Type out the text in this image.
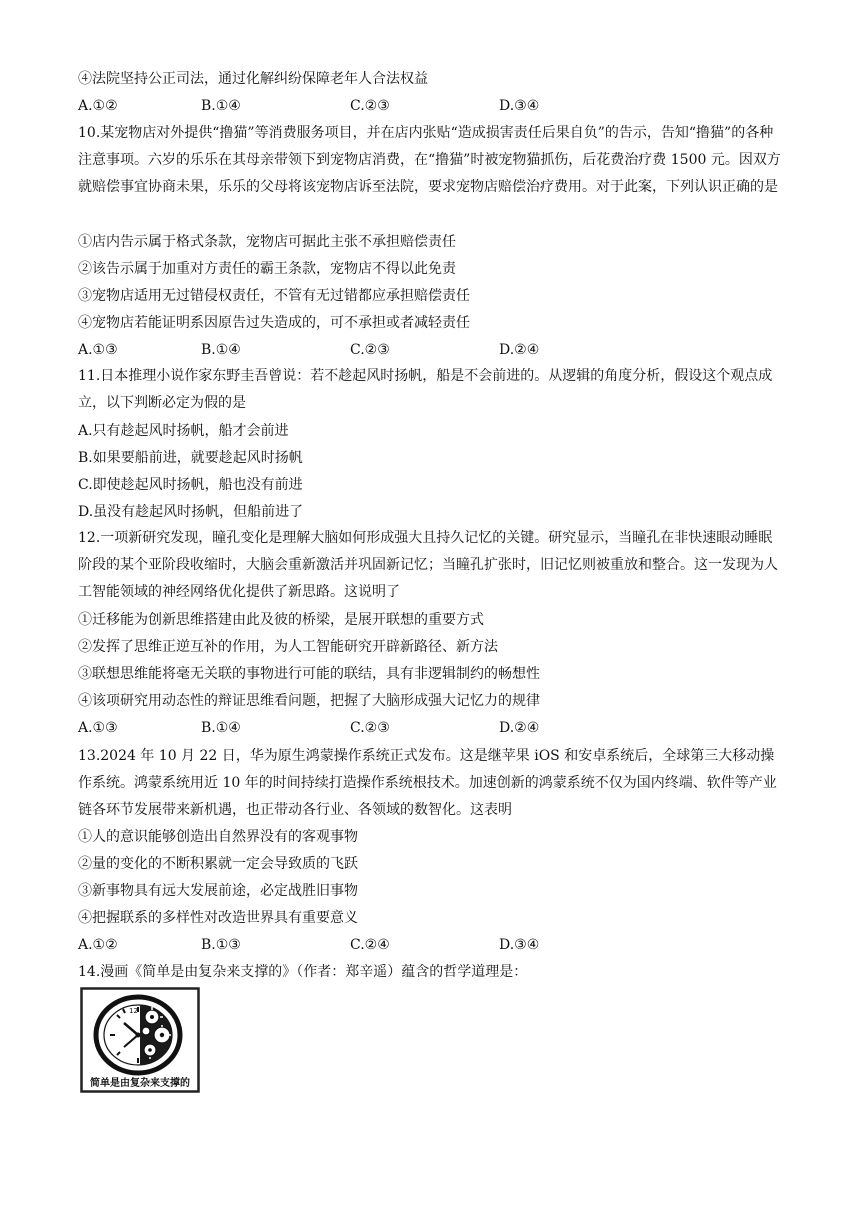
④法院坚持公正司法，通过化解纠纷保障老年人合法权益
A.①②	B.①④	C.②③	D.③④
10.某宠物店对外提供“撸猫”等消费服务项目，并在店内张贴“造成损害责任后果自负”的告示，告知“撸猫”的各种注意事项。六岁的乐乐在其母亲带领下到宠物店消费，在“撸猫”时被宠物猫抓伤，后花费治疗费 1500 元。因双方就赔偿事宜协商未果，乐乐的父母将该宠物店诉至法院，要求宠物店赔偿治疗费用。对于此案，下列认识正确的是
①店内告示属于格式条款，宠物店可据此主张不承担赔偿责任
②该告示属于加重对方责任的霸王条款，宠物店不得以此免责
③宠物店适用无过错侵权责任，不管有无过错都应承担赔偿责任
④宠物店若能证明系因原告过失造成的，可不承担或者减轻责任
A.①③	B.①④	C.②③	D.②④
11.日本推理小说作家东野圭吾曾说：若不趁起风时扬帆，船是不会前进的。从逻辑的角度分析，假设这个观点成立，以下判断必定为假的是
A.只有趁起风时扬帆，船才会前进
B.如果要船前进，就要趁起风时扬帆
C.即使趁起风时扬帆，船也没有前进
D.虽没有趁起风时扬帆，但船前进了
12.一项新研究发现，瞳孔变化是理解大脑如何形成强大且持久记忆的关键。研究显示，当瞳孔在非快速眼动睡眠阶段的某个亚阶段收缩时，大脑会重新激活并巩固新记忆；当瞳孔扩张时，旧记忆则被重放和整合。这一发现为人工智能领域的神经网络优化提供了新思路。这说明了
①迁移能为创新思维搭建由此及彼的桥梁，是展开联想的重要方式
②发挥了思维正逆互补的作用，为人工智能研究开辟新路径、新方法
③联想思维能将毫无关联的事物进行可能的联结，具有非逻辑制约的畅想性
④该项研究用动态性的辩证思维看问题，把握了大脑形成强大记忆力的规律
A.①③	B.①④	C.②③	D.②④
13.2024 年 10 月 22 日，华为原生鸿蒙操作系统正式发布。这是继苹果 iOS 和安卓系统后，全球第三大移动操作系统。鸿蒙系统用近 10 年的时间持续打造操作系统根技术。加速创新的鸿蒙系统不仅为国内终端、软件等产业链各环节发展带来新机遇，也正带动各行业、各领域的数智化。这表明
①人的意识能够创造出自然界没有的客观事物
②量的变化的不断积累就一定会导致质的飞跃
③新事物具有远大发展前途，必定战胜旧事物
④把握联系的多样性对改造世界具有重要意义
A.①②	B.①③	C.②④	D.③④
14.漫画《简单是由复杂来支撑的》（作者：郑辛遥）蕴含的哲学道理是：
12
简单是由复杂来支撑的
